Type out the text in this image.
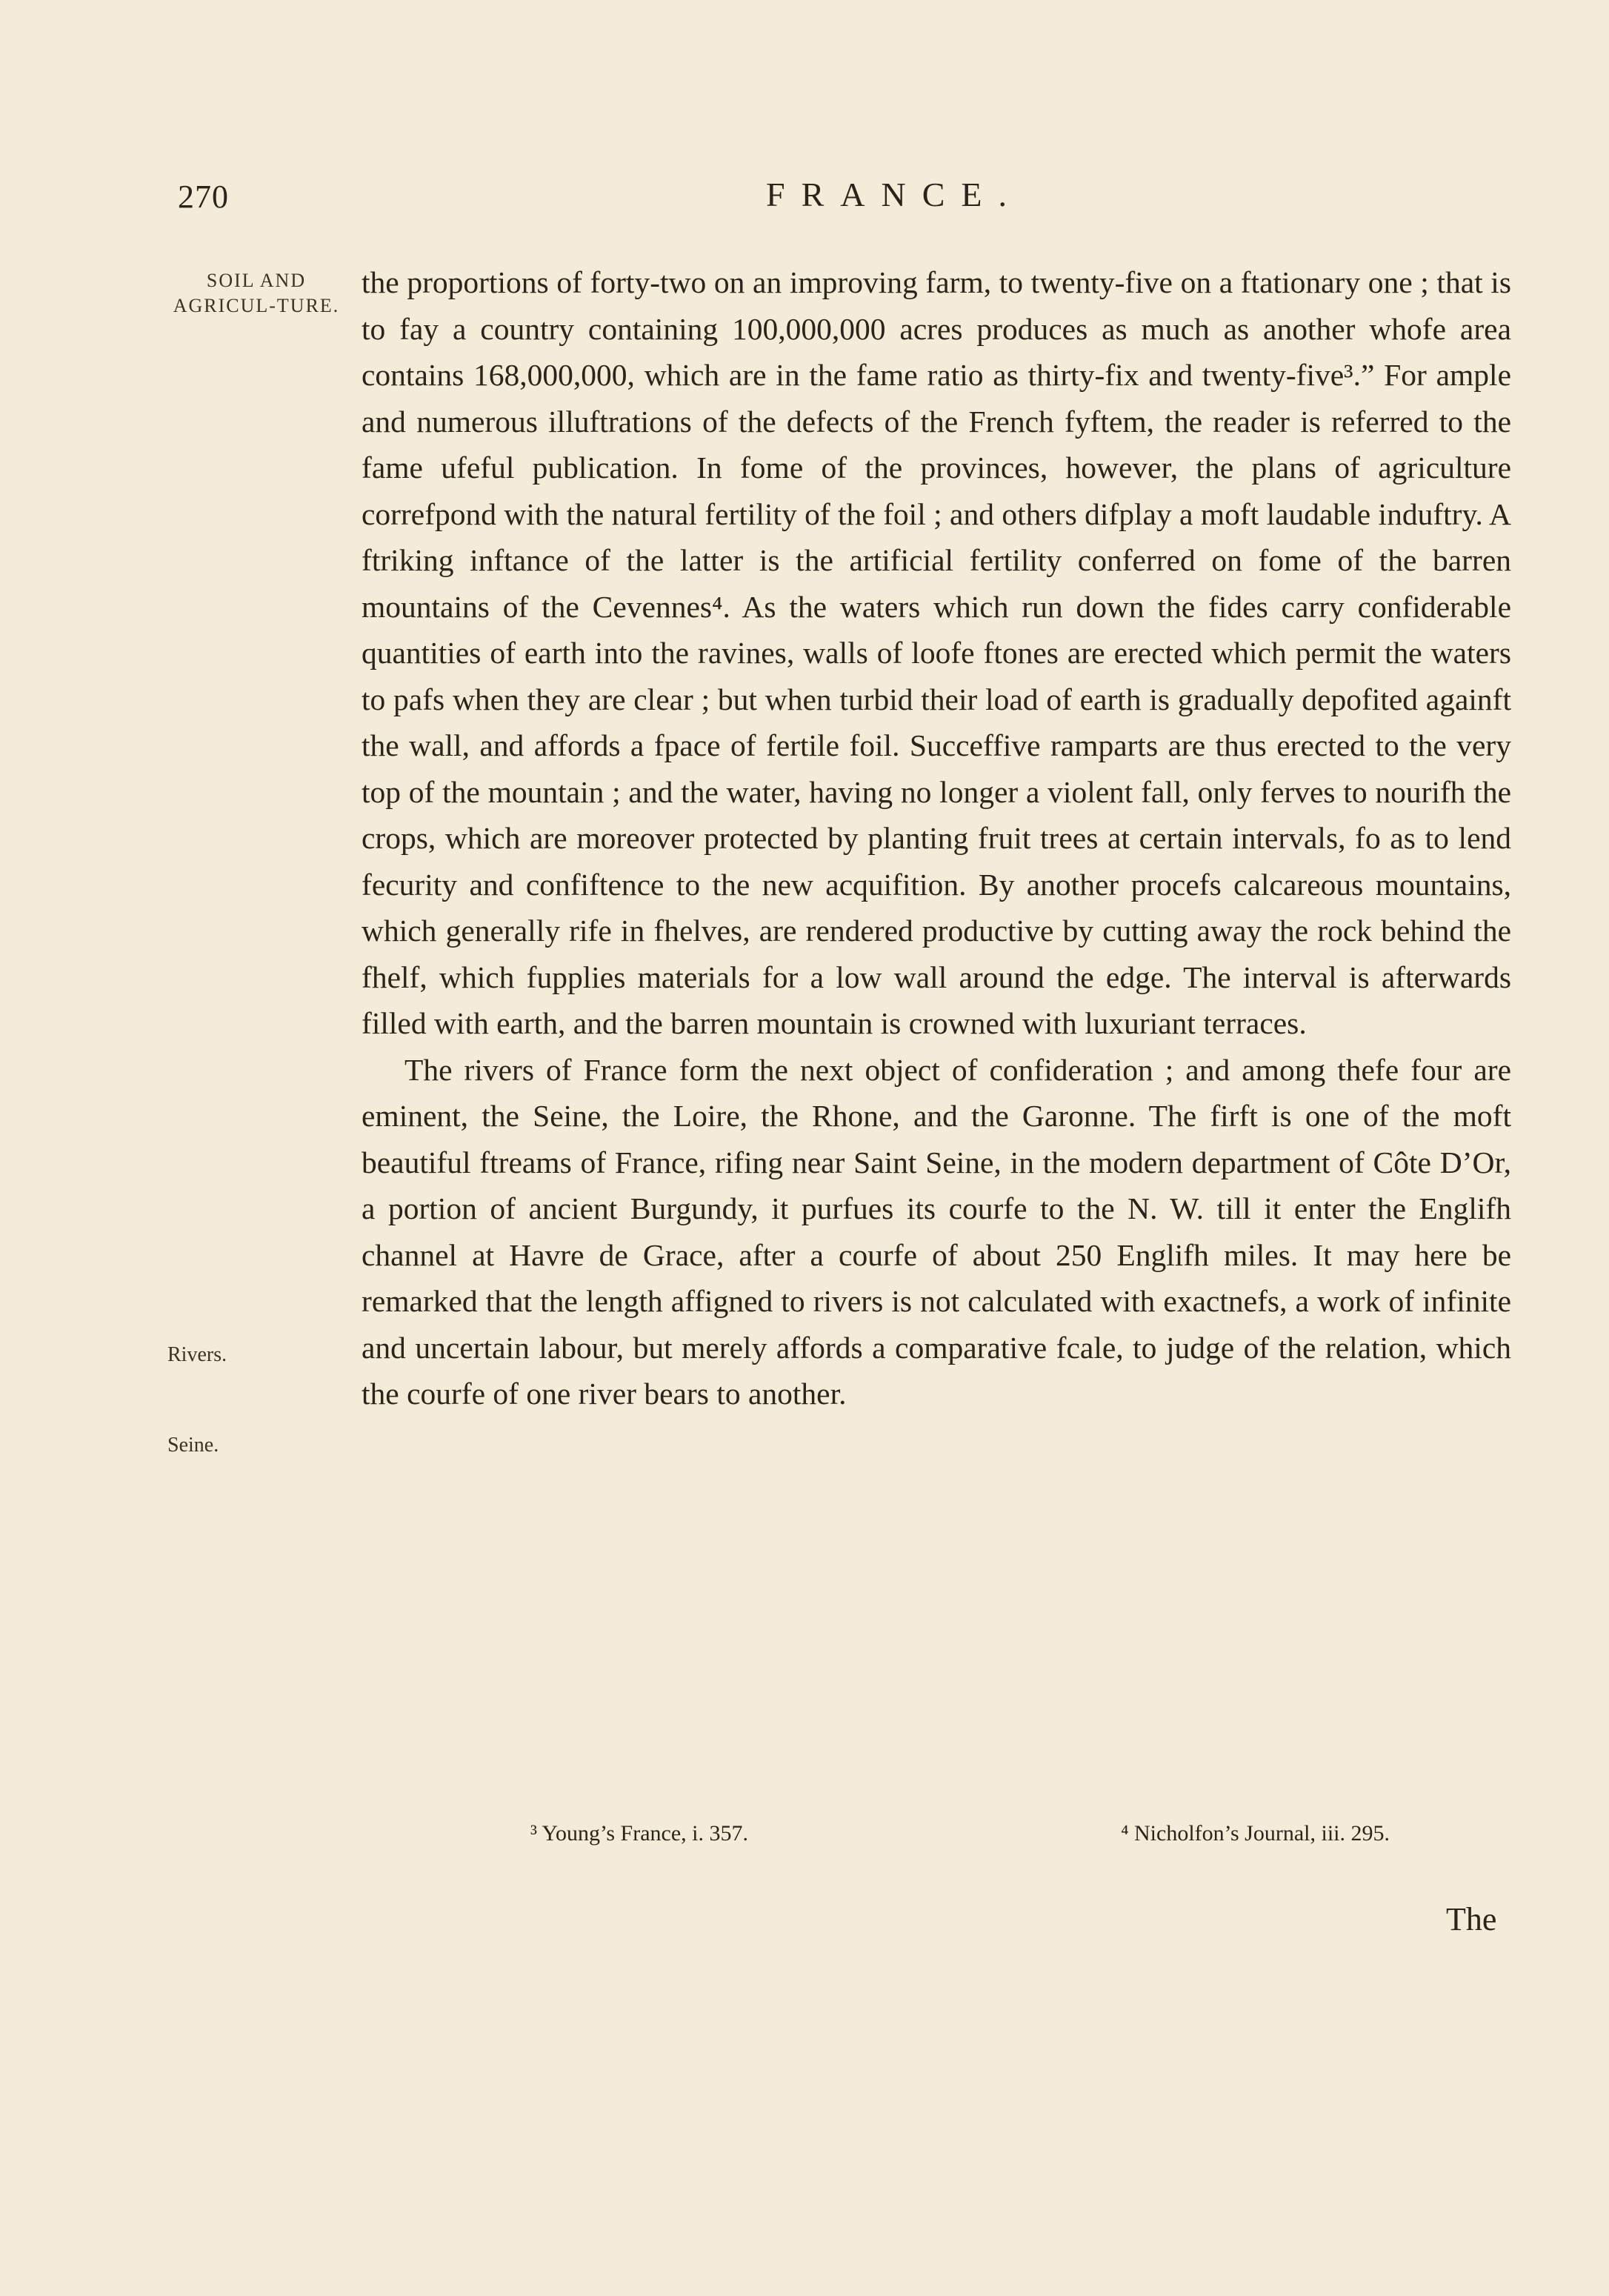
270	FRANCE.
SOIL AND AGRICUL-TURE.
Rivers.
Seine.

the proportions of forty-two on an improving farm, to twenty-five on a ftationary one ; that is to fay a country containing 100,000,000 acres produces as much as another whofe area contains 168,000,000, which are in the fame ratio as thirty-fix and twenty-five³.” For ample and numerous illuftrations of the defects of the French fyftem, the reader is referred to the fame ufeful publication. In fome of the provinces, however, the plans of agriculture correfpond with the natural fertility of the foil ; and others difplay a moft laudable induftry. A ftriking inftance of the latter is the artificial fertility conferred on fome of the barren mountains of the Cevennes⁴. As the waters which run down the fides carry confiderable quantities of earth into the ravines, walls of loofe ftones are erected which permit the waters to pafs when they are clear ; but when turbid their load of earth is gradually depofited againft the wall, and affords a fpace of fertile foil. Succeffive ramparts are thus erected to the very top of the mountain ; and the water, having no longer a violent fall, only ferves to nourifh the crops, which are moreover protected by planting fruit trees at certain intervals, fo as to lend fecurity and confiftence to the new acquifition. By another procefs calcareous mountains, which generally rife in fhelves, are rendered productive by cutting away the rock behind the fhelf, which fupplies materials for a low wall around the edge. The interval is afterwards filled with earth, and the barren mountain is crowned with luxuriant terraces.

The rivers of France form the next object of confideration ; and among thefe four are eminent, the Seine, the Loire, the Rhone, and the Garonne. The firft is one of the moft beautiful ftreams of France, rifing near Saint Seine, in the modern department of Côte D’Or, a portion of ancient Burgundy, it purfues its courfe to the N. W. till it enter the Englifh channel at Havre de Grace, after a courfe of about 250 Englifh miles. It may here be remarked that the length affigned to rivers is not calculated with exactnefs, a work of infinite and uncertain labour, but merely affords a comparative fcale, to judge of the relation, which the courfe of one river bears to another.

³ Young’s France, i. 357.	⁴ Nicholfon’s Journal, iii. 295.
The
